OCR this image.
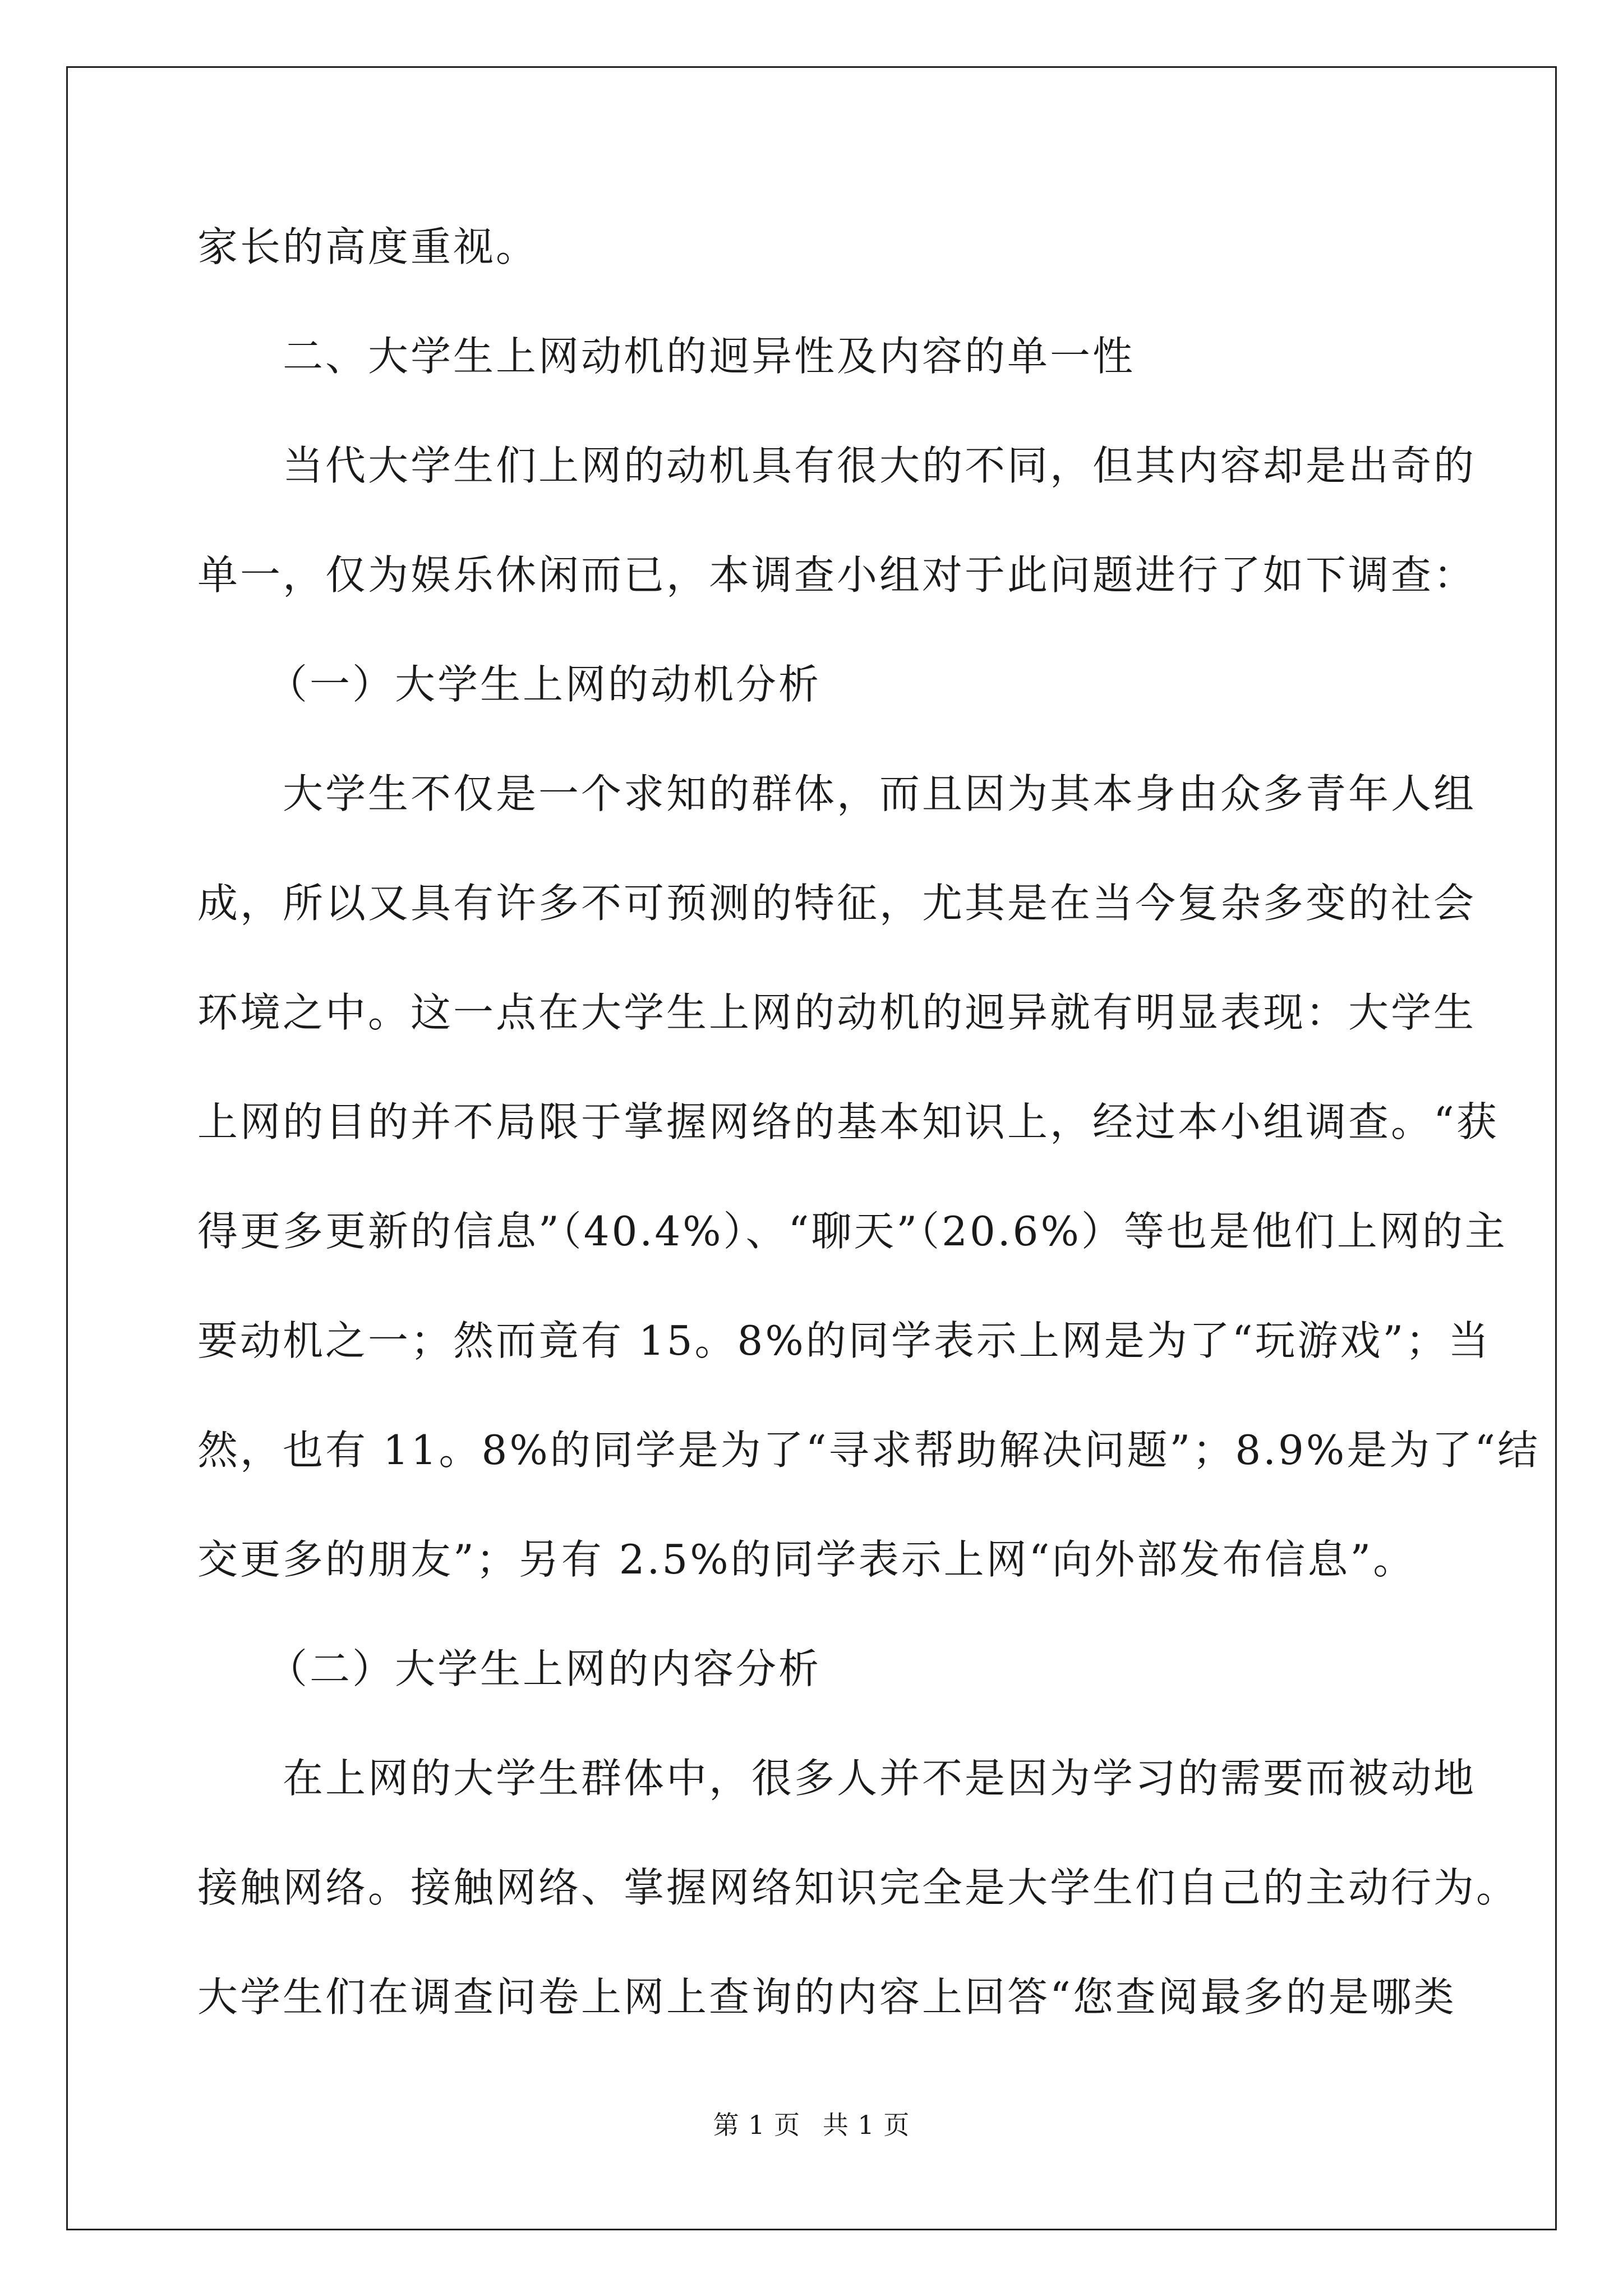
家长的高度重视。
二、大学生上网动机的迥异性及内容的单一性
当代大学生们上网的动机具有很大的不同，但其内容却是出奇的
单一，仅为娱乐休闲而已，本调查小组对于此问题进行了如下调查：
（一）大学生上网的动机分析
大学生不仅是一个求知的群体，而且因为其本身由众多青年人组
成，所以又具有许多不可预测的特征，尤其是在当今复杂多变的社会
环境之中。这一点在大学生上网的动机的迥异就有明显表现：大学生
上网的目的并不局限于掌握网络的基本知识上，经过本小组调查。“获
得更多更新的信息”（40.4%）、“聊天”（20.6%）等也是他们上网的主
要动机之一；然而竟有 15。8%的同学表示上网是为了“玩游戏”；当
然，也有 11。8%的同学是为了“寻求帮助解决问题”；8.9%是为了“结
交更多的朋友”；另有 2.5%的同学表示上网“向外部发布信息”。
（二）大学生上网的内容分析
在上网的大学生群体中，很多人并不是因为学习的需要而被动地
接触网络。接触网络、掌握网络知识完全是大学生们自己的主动行为。
大学生们在调查问卷上网上查询的内容上回答“您查阅最多的是哪类
第 1 页 共 1 页
